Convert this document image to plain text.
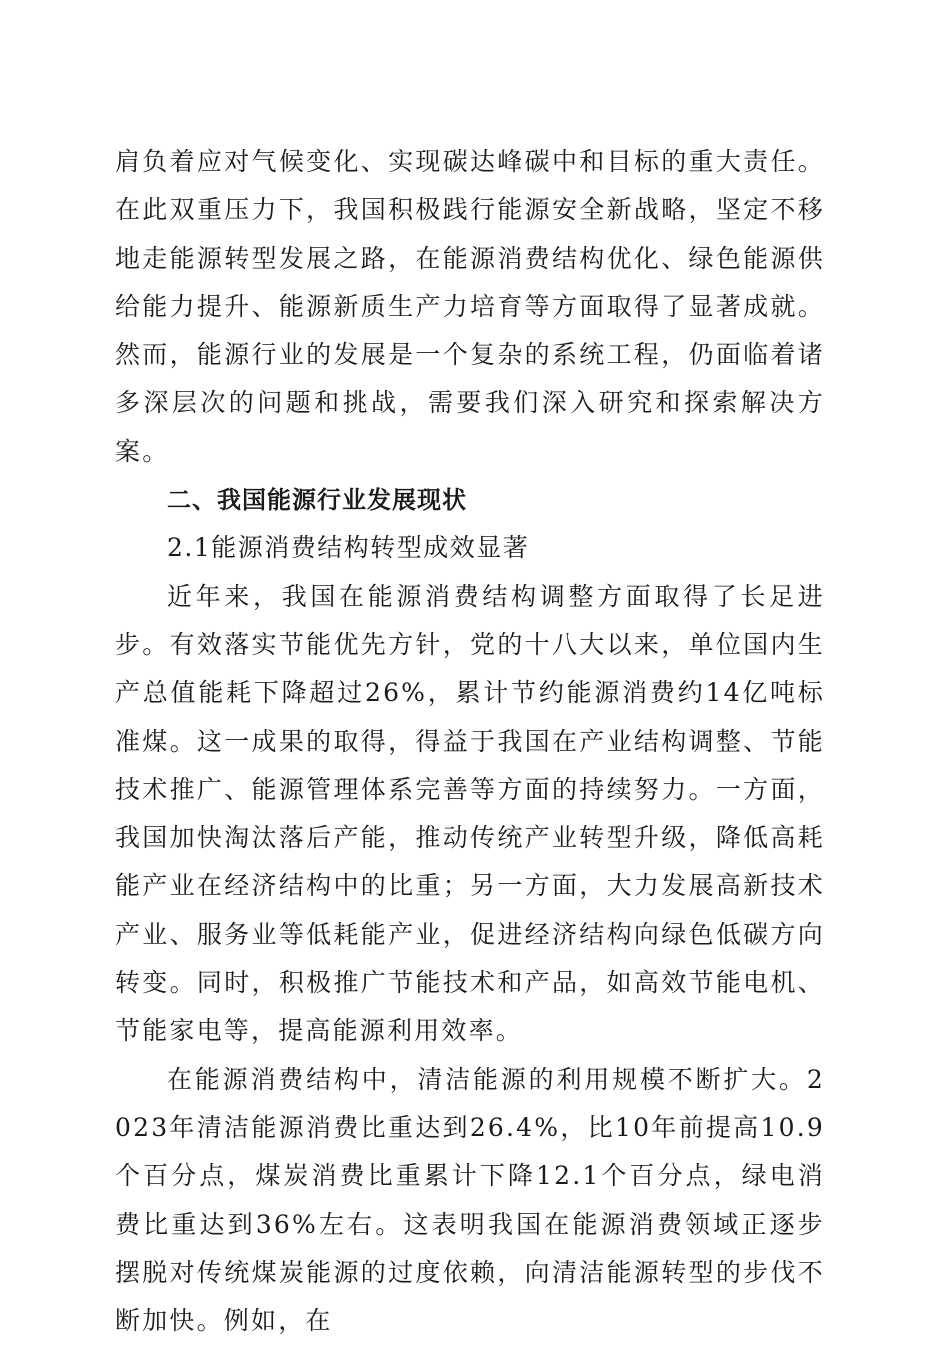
肩负着应对气候变化、实现碳达峰碳中和目标的重大责任。在此双重压力下，我国积极践行能源安全新战略，坚定不移地走能源转型发展之路，在能源消费结构优化、绿色能源供给能力提升、能源新质生产力培育等方面取得了显著成就。然而，能源行业的发展是一个复杂的系统工程，仍面临着诸多深层次的问题和挑战，需要我们深入研究和探索解决方案。

二、我国能源行业发展现状

2.1能源消费结构转型成效显著

近年来，我国在能源消费结构调整方面取得了长足进步。有效落实节能优先方针，党的十八大以来，单位国内生产总值能耗下降超过26%，累计节约能源消费约14亿吨标准煤。这一成果的取得，得益于我国在产业结构调整、节能技术推广、能源管理体系完善等方面的持续努力。一方面，我国加快淘汰落后产能，推动传统产业转型升级，降低高耗能产业在经济结构中的比重；另一方面，大力发展高新技术产业、服务业等低耗能产业，促进经济结构向绿色低碳方向转变。同时，积极推广节能技术和产品，如高效节能电机、节能家电等，提高能源利用效率。

在能源消费结构中，清洁能源的利用规模不断扩大。2023年清洁能源消费比重达到26.4%，比10年前提高10.9个百分点，煤炭消费比重累计下降12.1个百分点，绿电消费比重达到36%左右。这表明我国在能源消费领域正逐步摆脱对传统煤炭能源的过度依赖，向清洁能源转型的步伐不断加快。例如，在
